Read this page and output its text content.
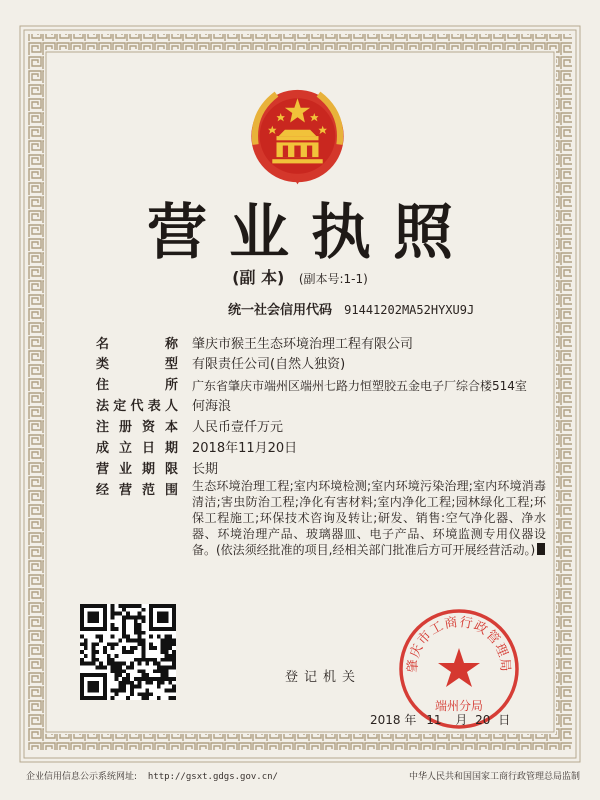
营业执照
(副 本) (副本号:1-1)
统一社会信用代码 91441202MA52HYXU9J
名	称 肇庆市猴王生态环境治理工程有限公司
类	型 有限责任公司(自然人独资)
住	所 广东省肇庆市端州区端州七路力恒塑胶五金电子厂综合楼514室
法 定 代 表 人 何海浪
注 册 资 本 人民币壹仟万元
成 立 日 期 2018年11月20日
营 业 期 限 长期
经 营 范 围 生态环境治理工程;室内环境检测;室内环境污染治理;室内环境消毒清洁;害虫防治工程;净化有害材料;室内净化工程;园林绿化工程;环保工程施工;环保技术咨询及转让;研发、销售:空气净化器、净水器、环境治理产品、玻璃器皿、电子产品、环境监测专用仪器设备。(依法须经批准的项目,经相关部门批准后方可开展经营活动。)
登记机关
肇庆市工商行政管理局
端州分局
2018 年 11 月 20 日
企业信用信息公示系统网址: http://gsxt.gdgs.gov.cn/	中华人民共和国国家工商行政管理总局监制
